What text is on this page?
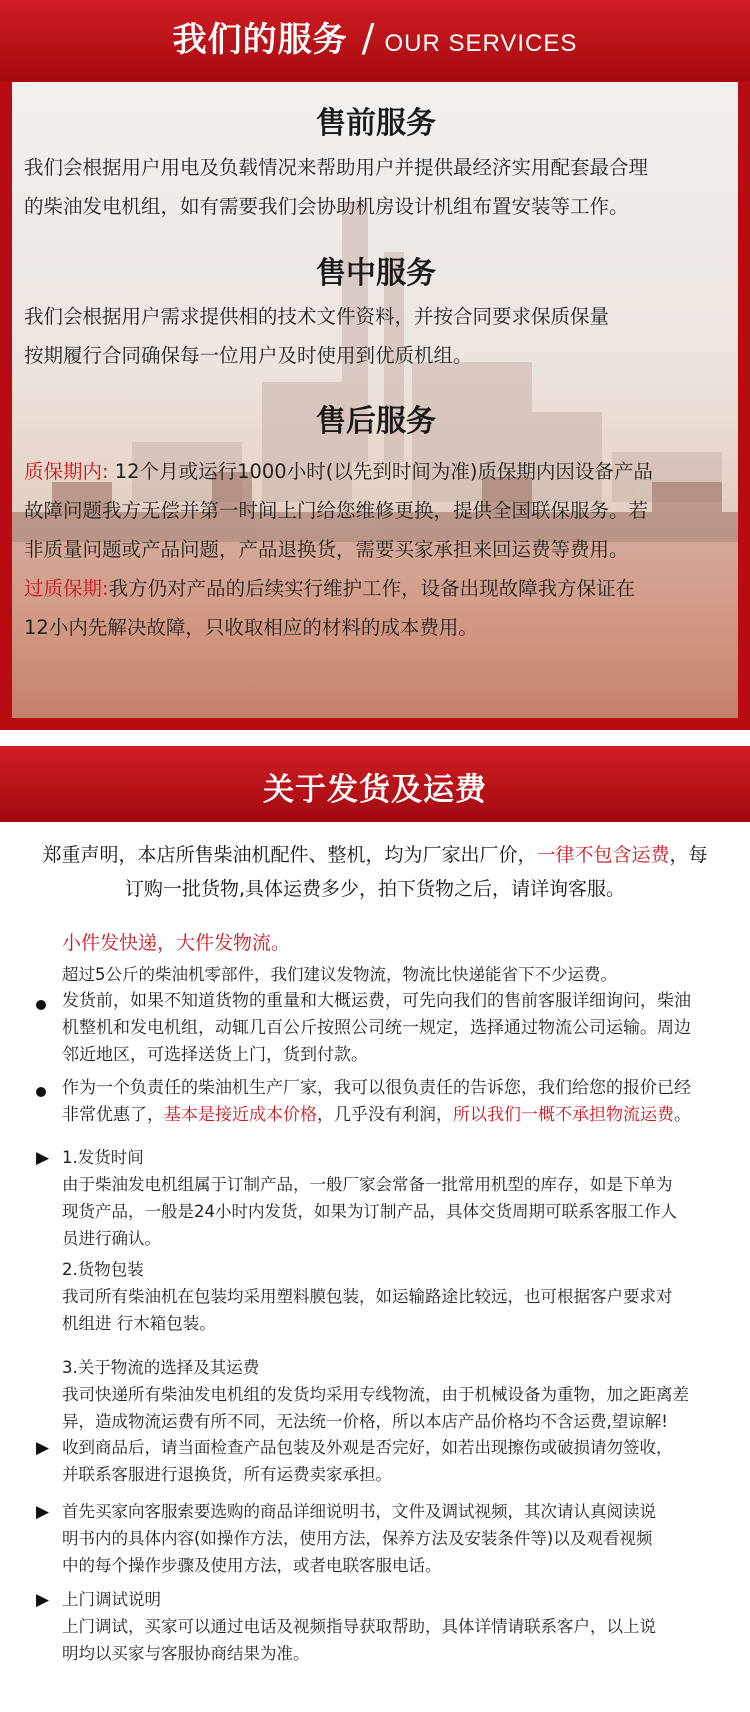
我们的服务 / OUR SERVICES
售前服务
我们会根据用户用电及负载情况来帮助用户并提供最经济实用配套最合理
的柴油发电机组，如有需要我们会协助机房设计机组布置安装等工作。
售中服务
我们会根据用户需求提供相的技术文件资料，并按合同要求保质保量
按期履行合同确保每一位用户及时使用到优质机组。
售后服务
质保期内: 12个月或运行1000小时(以先到时间为准)质保期内因设备产品
故障问题我方无偿并第一时间上门给您维修更换，提供全国联保服务。若
非质量问题或产品问题，产品退换货，需要买家承担来回运费等费用。
过质保期:我方仍对产品的后续实行维护工作，设备出现故障我方保证在
12小内先解决故障，只收取相应的材料的成本费用。
关于发货及运费
郑重声明，本店所售柴油机配件、整机，均为厂家出厂价，一律不包含运费，每
订购一批货物,具体运费多少，拍下货物之后，请详询客服。
小件发快递，大件发物流。
超过5公斤的柴油机零部件，我们建议发物流，物流比快递能省下不少运费。
发货前，如果不知道货物的重量和大概运费，可先向我们的售前客服详细询问，柴油
机整机和发电机组，动辄几百公斤按照公司统一规定，选择通过物流公司运输。周边
邻近地区，可选择送货上门，货到付款。
作为一个负责任的柴油机生产厂家，我可以很负责任的告诉您，我们给您的报价已经
非常优惠了，基本是接近成本价格，几乎没有利润，所以我们一概不承担物流运费。
▶ 1.发货时间
由于柴油发电机组属于订制产品，一般厂家会常备一批常用机型的库存，如是下单为
现货产品，一般是24小时内发货，如果为订制产品，具体交货周期可联系客服工作人
员进行确认。
2.货物包装
我司所有柴油机在包装均采用塑料膜包装，如运输路途比较远，也可根据客户要求对
机组进 行木箱包装。
3.关于物流的选择及其运费
我司快递所有柴油发电机组的发货均采用专线物流，由于机械设备为重物，加之距离差
异，造成物流运费有所不同，无法统一价格，所以本店产品价格均不含运费,望谅解!
▶ 收到商品后，请当面检查产品包装及外观是否完好，如若出现擦伤或破损请勿签收，
并联系客服进行退换货，所有运费卖家承担。
▶ 首先买家向客服索要选购的商品详细说明书，文件及调试视频，其次请认真阅读说
明书内的具体内容(如操作方法，使用方法，保养方法及安装条件等)以及观看视频
中的每个操作步骤及使用方法，或者电联客服电话。
▶ 上门调试说明
上门调试，买家可以通过电话及视频指导获取帮助，具体详情请联系客户，以上说
明均以买家与客服协商结果为准。
